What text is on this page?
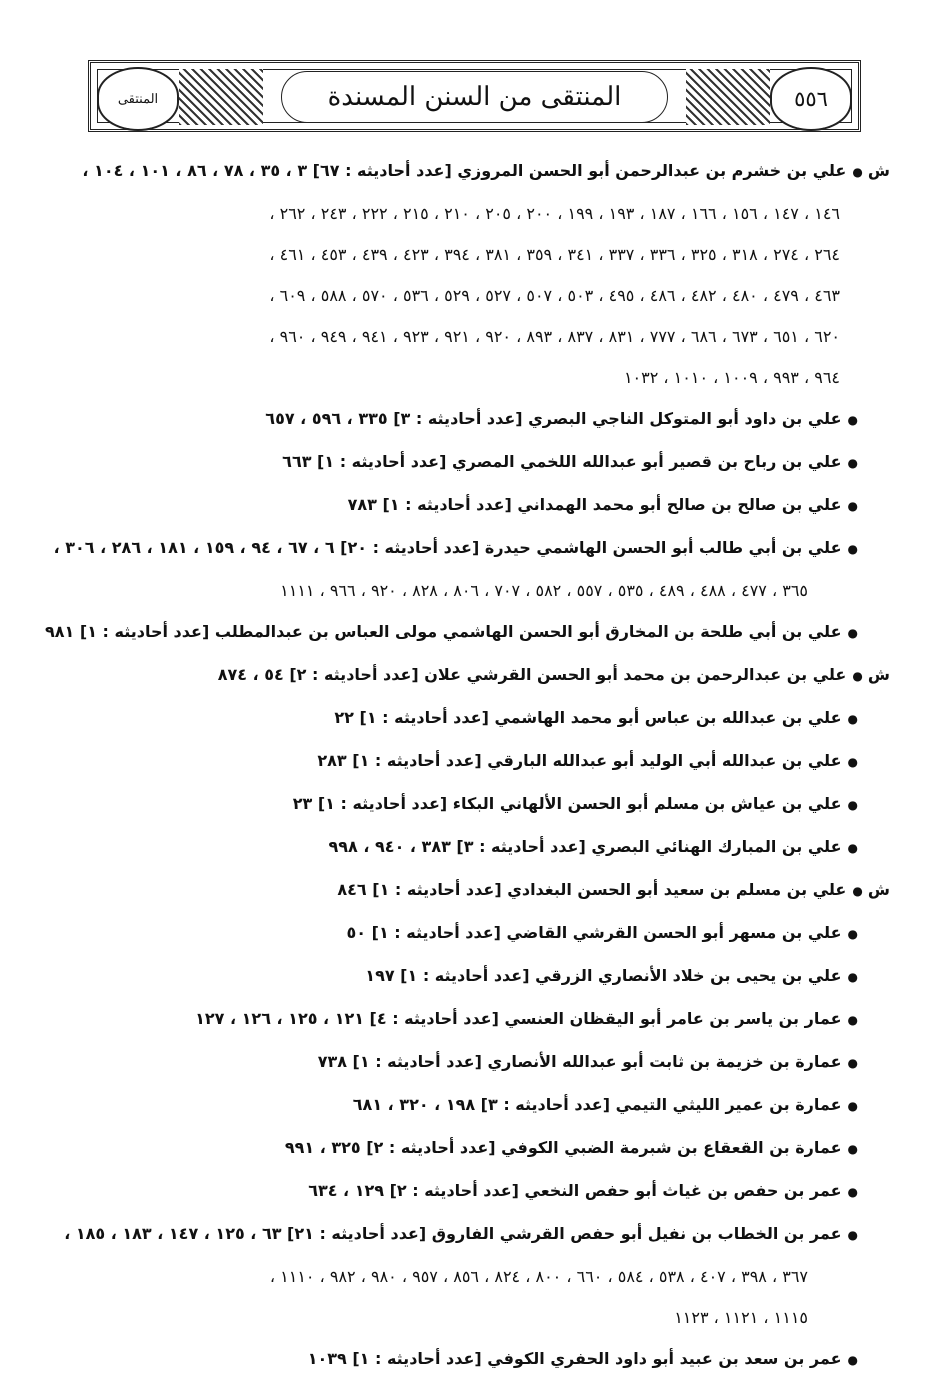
المنتقى	المنتقى من السنن المسندة	٥٥٦
ش ●علي بن خشرم بن عبدالرحمن أبو الحسن المروزي [عدد أحاديثه : ٦٧] ٣ ، ٣٥ ، ٧٨ ، ٨٦ ، ١٠١ ، ١٠٤ ،
١٤٦ ، ١٤٧ ، ١٥٦ ، ١٦٦ ، ١٨٧ ، ١٩٣ ، ١٩٩ ، ٢٠٠ ، ٢٠٥ ، ٢١٠ ، ٢١٥ ، ٢٢٢ ، ٢٤٣ ، ٢٦٢ ،
٢٦٤ ، ٢٧٤ ، ٣١٨ ، ٣٢٥ ، ٣٣٦ ، ٣٣٧ ، ٣٤١ ، ٣٥٩ ، ٣٨١ ، ٣٩٤ ، ٤٢٣ ، ٤٣٩ ، ٤٥٣ ، ٤٦١ ،
٤٦٣ ، ٤٧٩ ، ٤٨٠ ، ٤٨٢ ، ٤٨٦ ، ٤٩٥ ، ٥٠٣ ، ٥٠٧ ، ٥٢٧ ، ٥٢٩ ، ٥٣٦ ، ٥٧٠ ، ٥٨٨ ، ٦٠٩ ،
٦٢٠ ، ٦٥١ ، ٦٧٣ ، ٦٨٦ ، ٧٧٧ ، ٨٣١ ، ٨٣٧ ، ٨٩٣ ، ٩٢٠ ، ٩٢١ ، ٩٢٣ ، ٩٤١ ، ٩٤٩ ، ٩٦٠ ،
٩٦٤ ، ٩٩٣ ، ١٠٠٩ ، ١٠١٠ ، ١٠٣٢
●علي بن داود أبو المتوكل الناجي البصري [عدد أحاديثه : ٣] ٣٣٥ ، ٥٩٦ ، ٦٥٧
●علي بن رباح بن قصير أبو عبدالله اللخمي المصري [عدد أحاديثه : ١] ٦٦٣
●علي بن صالح بن صالح أبو محمد الهمداني [عدد أحاديثه : ١] ٧٨٣
●علي بن أبي طالب أبو الحسن الهاشمي حيدرة [عدد أحاديثه : ٢٠] ٦ ، ٦٧ ، ٩٤ ، ١٥٩ ، ١٨١ ، ٢٨٦ ، ٣٠٦ ،
٣٦٥ ، ٤٧٧ ، ٤٨٨ ، ٤٨٩ ، ٥٣٥ ، ٥٥٧ ، ٥٨٢ ، ٧٠٧ ، ٨٠٦ ، ٨٢٨ ، ٩٢٠ ، ٩٦٦ ، ١١١١
●علي بن أبي طلحة بن المخارق أبو الحسن الهاشمي مولى العباس بن عبدالمطلب [عدد أحاديثه : ١] ٩٨١
ش ●علي بن عبدالرحمن بن محمد أبو الحسن القرشي علان [عدد أحاديثه : ٢] ٥٤ ، ٨٧٤
●علي بن عبدالله بن عباس أبو محمد الهاشمي [عدد أحاديثه : ١] ٢٢
●علي بن عبدالله أبي الوليد أبو عبدالله البارقي [عدد أحاديثه : ١] ٢٨٣
●علي بن عياش بن مسلم أبو الحسن الألهاني البكاء [عدد أحاديثه : ١] ٢٣
●علي بن المبارك الهنائي البصري [عدد أحاديثه : ٣] ٣٨٣ ، ٩٤٠ ، ٩٩٨
ش ●علي بن مسلم بن سعيد أبو الحسن البغدادي [عدد أحاديثه : ١] ٨٤٦
●علي بن مسهر أبو الحسن القرشي القاضي [عدد أحاديثه : ١] ٥٠
●علي بن يحيى بن خلاد الأنصاري الزرقي [عدد أحاديثه : ١] ١٩٧
●عمار بن ياسر بن عامر أبو اليقظان العنسي [عدد أحاديثه : ٤] ١٢١ ، ١٢٥ ، ١٢٦ ، ١٢٧
●عمارة بن خزيمة بن ثابت أبو عبدالله الأنصاري [عدد أحاديثه : ١] ٧٣٨
●عمارة بن عمير الليثي التيمي [عدد أحاديثه : ٣] ١٩٨ ، ٣٢٠ ، ٦٨١
●عمارة بن القعقاع بن شبرمة الضبي الكوفي [عدد أحاديثه : ٢] ٣٢٥ ، ٩٩١
●عمر بن حفص بن غياث أبو حفص النخعي [عدد أحاديثه : ٢] ١٢٩ ، ٦٣٤
●عمر بن الخطاب بن نفيل أبو حفص القرشي الفاروق [عدد أحاديثه : ٢١] ٦٣ ، ١٢٥ ، ١٤٧ ، ١٨٣ ، ١٨٥ ،
٣٦٧ ، ٣٩٨ ، ٤٠٧ ، ٥٣٨ ، ٥٨٤ ، ٦٦٠ ، ٨٠٠ ، ٨٢٤ ، ٨٥٦ ، ٩٥٧ ، ٩٨٠ ، ٩٨٢ ، ١١١٠ ،
١١١٥ ، ١١٢١ ، ١١٢٣
●عمر بن سعد بن عبيد أبو داود الحفري الكوفي [عدد أحاديثه : ١] ١٠٣٩
